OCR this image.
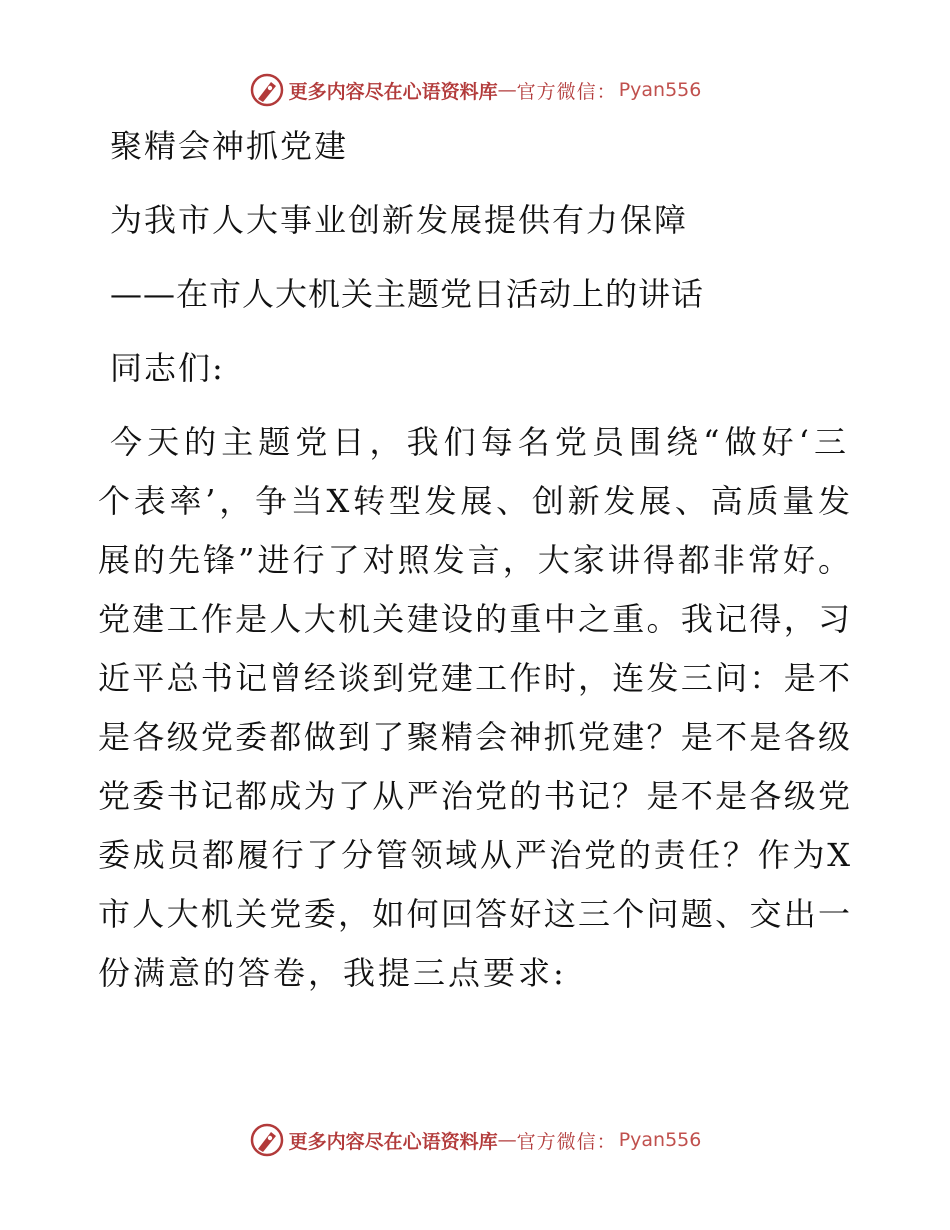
更多内容尽在心语资料库 — 官方微信： Pyan556
聚精会神抓党建
为我市人大事业创新发展提供有力保障
——在市人大机关主题党日活动上的讲话
同志们:
今天的主题党日，我们每名党员围绕“做好‘三
个表率’，争当X转型发展、创新发展、高质量发
展的先锋”进行了对照发言，大家讲得都非常好。
党建工作是人大机关建设的重中之重。我记得，习
近平总书记曾经谈到党建工作时，连发三问：是不
是各级党委都做到了聚精会神抓党建？是不是各级
党委书记都成为了从严治党的书记？是不是各级党
委成员都履行了分管领域从严治党的责任？作为X
市人大机关党委，如何回答好这三个问题、交出一
份满意的答卷，我提三点要求:
更多内容尽在心语资料库 — 官方微信： Pyan556
